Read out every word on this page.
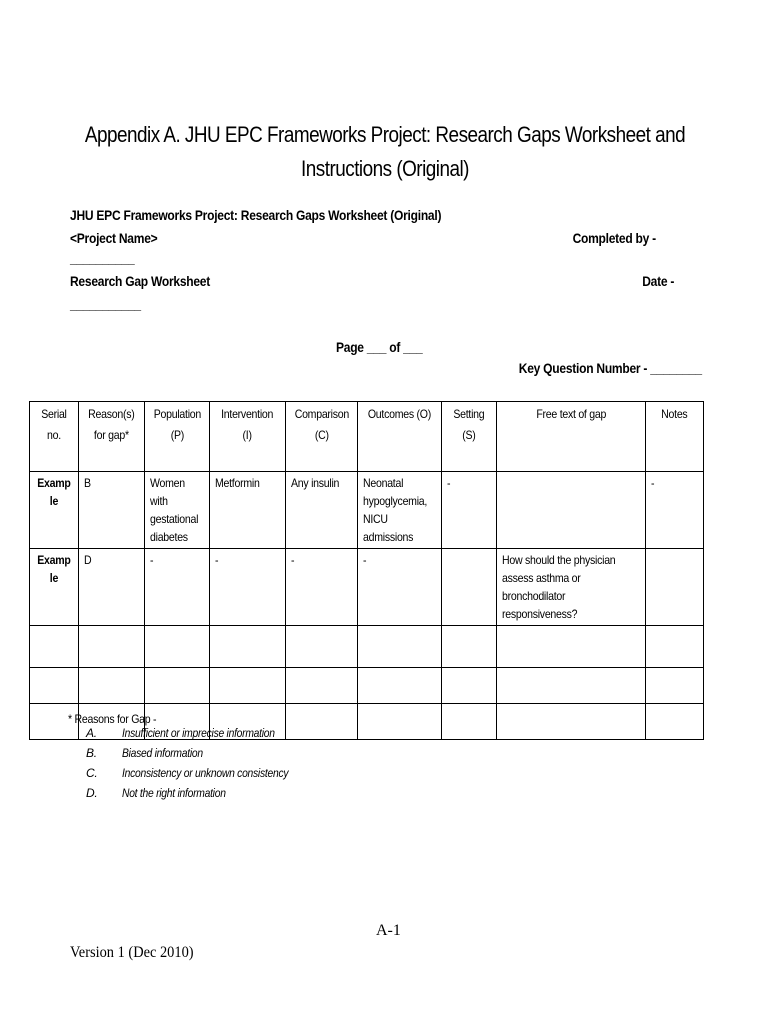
Appendix A. JHU EPC Frameworks Project: Research Gaps Worksheet and
Instructions (Original)
JHU EPC Frameworks Project: Research Gaps Worksheet (Original)
<Project Name>	Completed by -
__________
Research Gap Worksheet	Date -
___________
Page ___ of ___
Key Question Number - ________
Serial no.	Reason(s) for gap*	Population (P)	Intervention (I)	Comparison (C)	Outcomes (O)	Setting (S)	Free text of gap	Notes

Examp le	B	Women with gestational diabetes	Metformin	Any insulin	Neonatal hypoglycemia, NICU admissions	-		-

Examp le	D	-	-	-	-		How should the physician assess asthma or bronchodilator responsiveness?	

* Reasons for Gap -
A. Insufficient or imprecise information
B. Biased information
C. Inconsistency or unknown consistency
D. Not the right information
A-1
Version 1 (Dec 2010)
